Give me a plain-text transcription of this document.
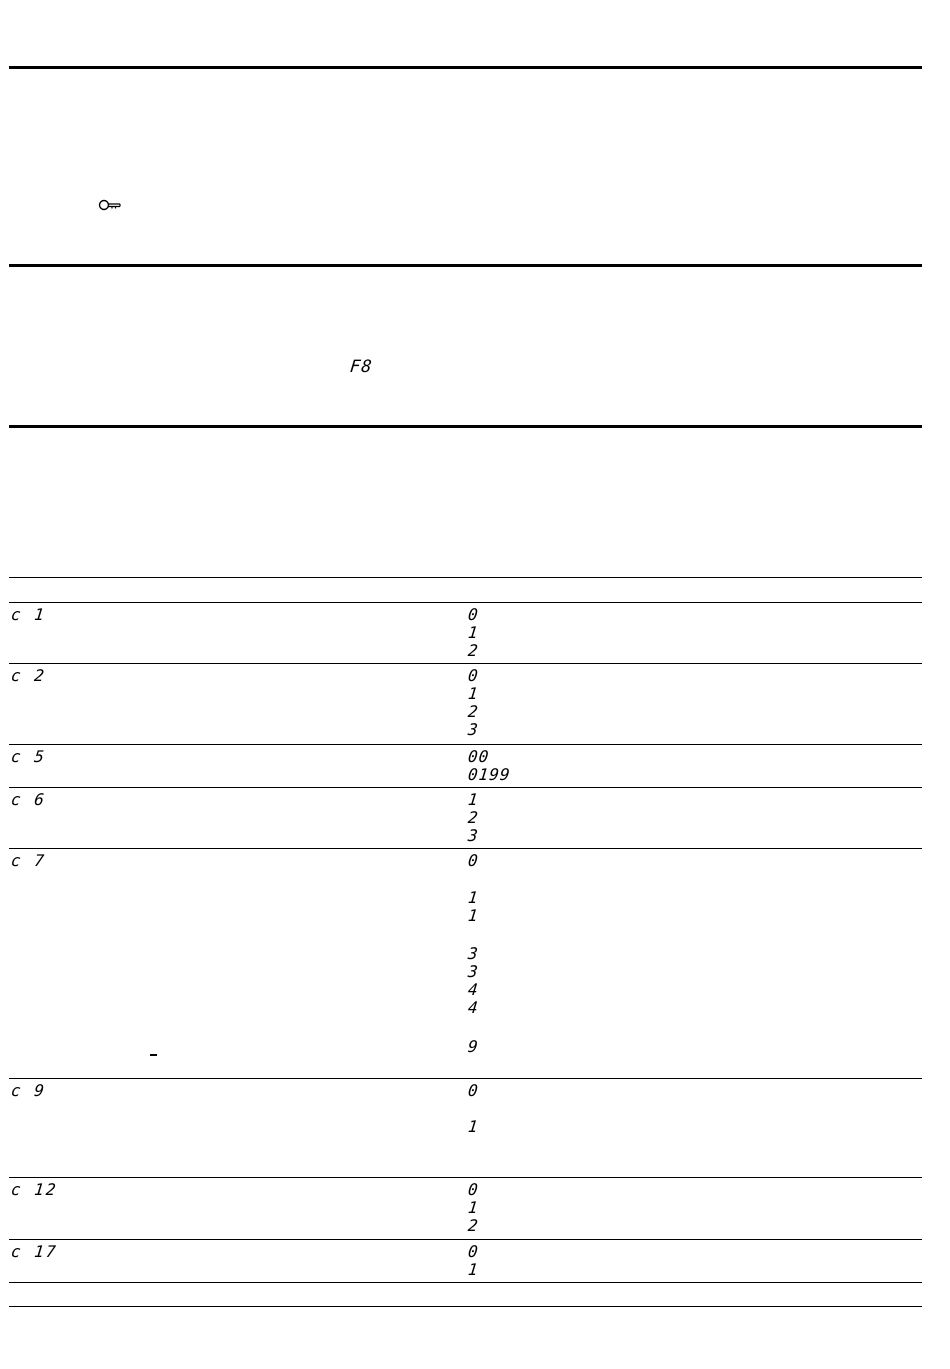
F8
c 1	0
1
2
c 2	0
1
2
3
c 5	00
0199
c 6	1
2
3
c 7	0
1
1
3
3
4
4
9
c 9	0
1
c 12	0
1
2
c 17	0
1
